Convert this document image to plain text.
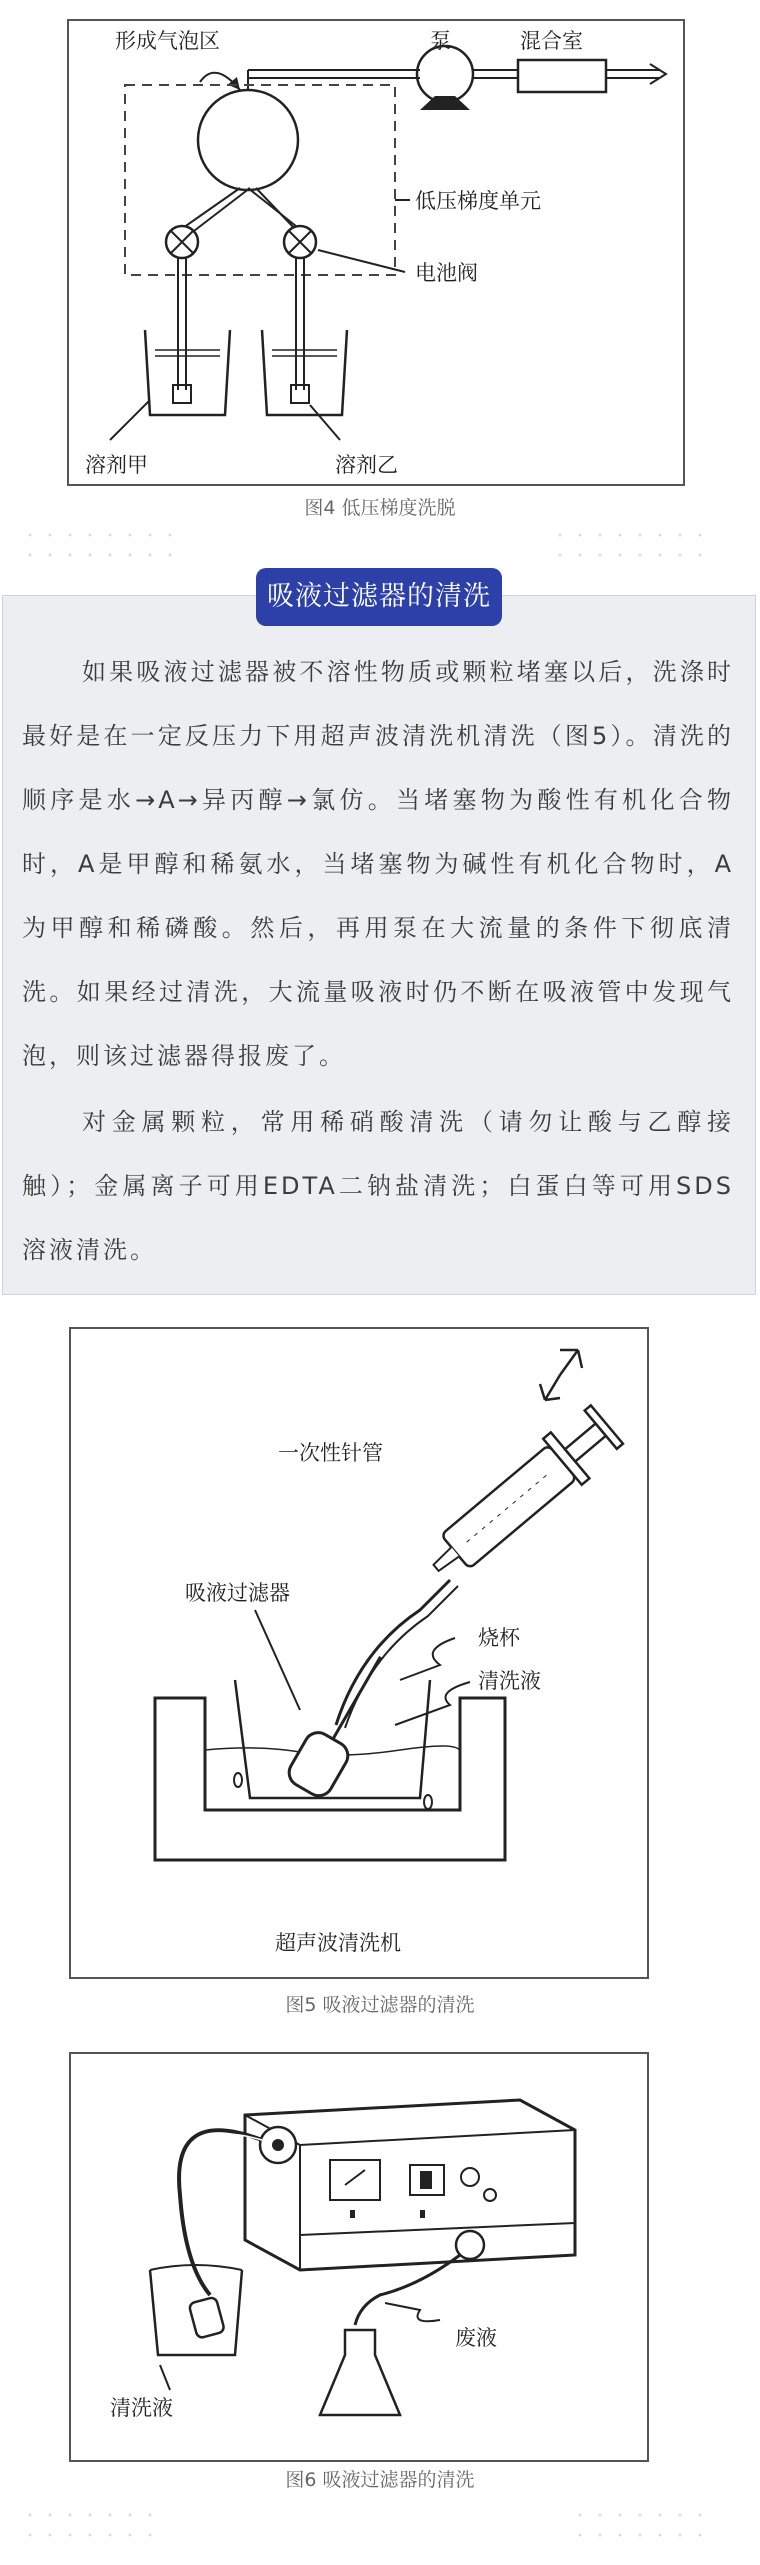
形成气泡区	泵	混合室
低压梯度单元
电池阀
溶剂甲	溶剂乙
图4 低压梯度洗脱
吸液过滤器的清洗

如果吸液过滤器被不溶性物质或颗粒堵塞以后，洗涤时最好是在一定反压力下用超声波清洗机清洗（图5）。清洗的顺序是水→A→异丙醇→氯仿。当堵塞物为酸性有机化合物时，A是甲醇和稀氨水，当堵塞物为碱性有机化合物时，A为甲醇和稀磷酸。然后，再用泵在大流量的条件下彻底清洗。如果经过清洗，大流量吸液时仍不断在吸液管中发现气泡，则该过滤器得报废了。

对金属颗粒，常用稀硝酸清洗（请勿让酸与乙醇接触）；金属离子可用EDTA二钠盐清洗；白蛋白等可用SDS溶液清洗。

一次性针管
吸液过滤器
烧杯
清洗液
超声波清洗机
图5 吸液过滤器的清洗
废液
清洗液
图6 吸液过滤器的清洗
